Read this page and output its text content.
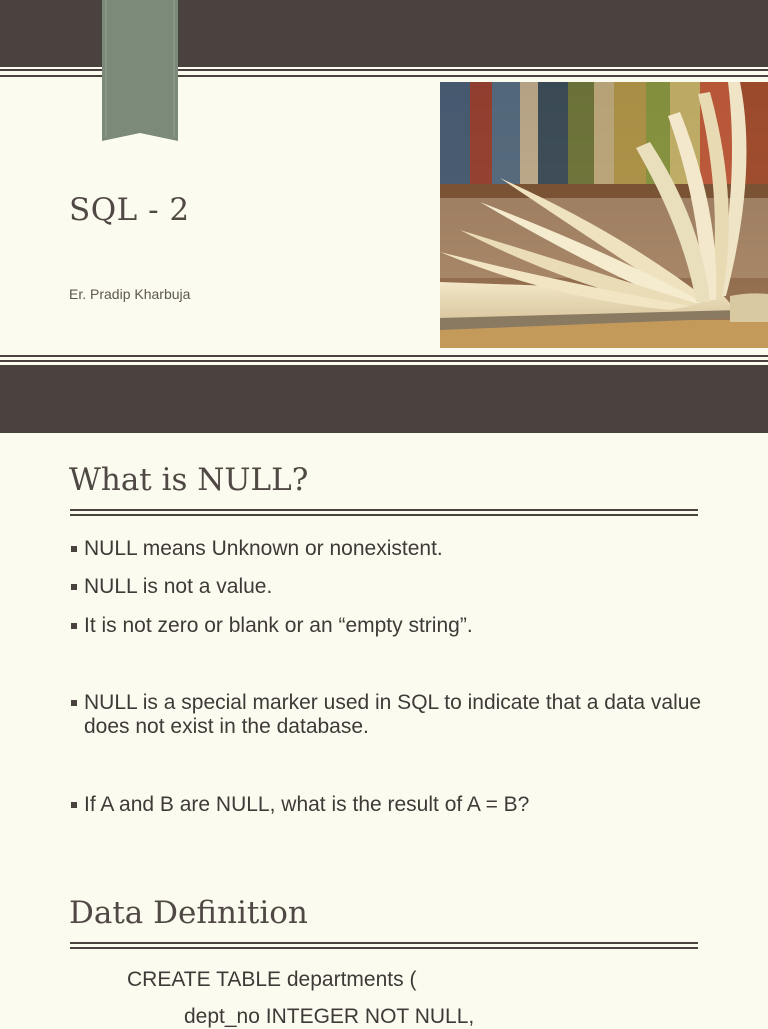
SQL - 2
Er. Pradip Kharbuja
What is NULL?
NULL means Unknown or nonexistent.
NULL is not a value.
It is not zero or blank or an “empty string”.
NULL is a special marker used in SQL to indicate that a data value does not exist in the database.
If A and B are NULL, what is the result of A = B?
Data Definition
CREATE TABLE departments (
dept_no INTEGER NOT NULL,
